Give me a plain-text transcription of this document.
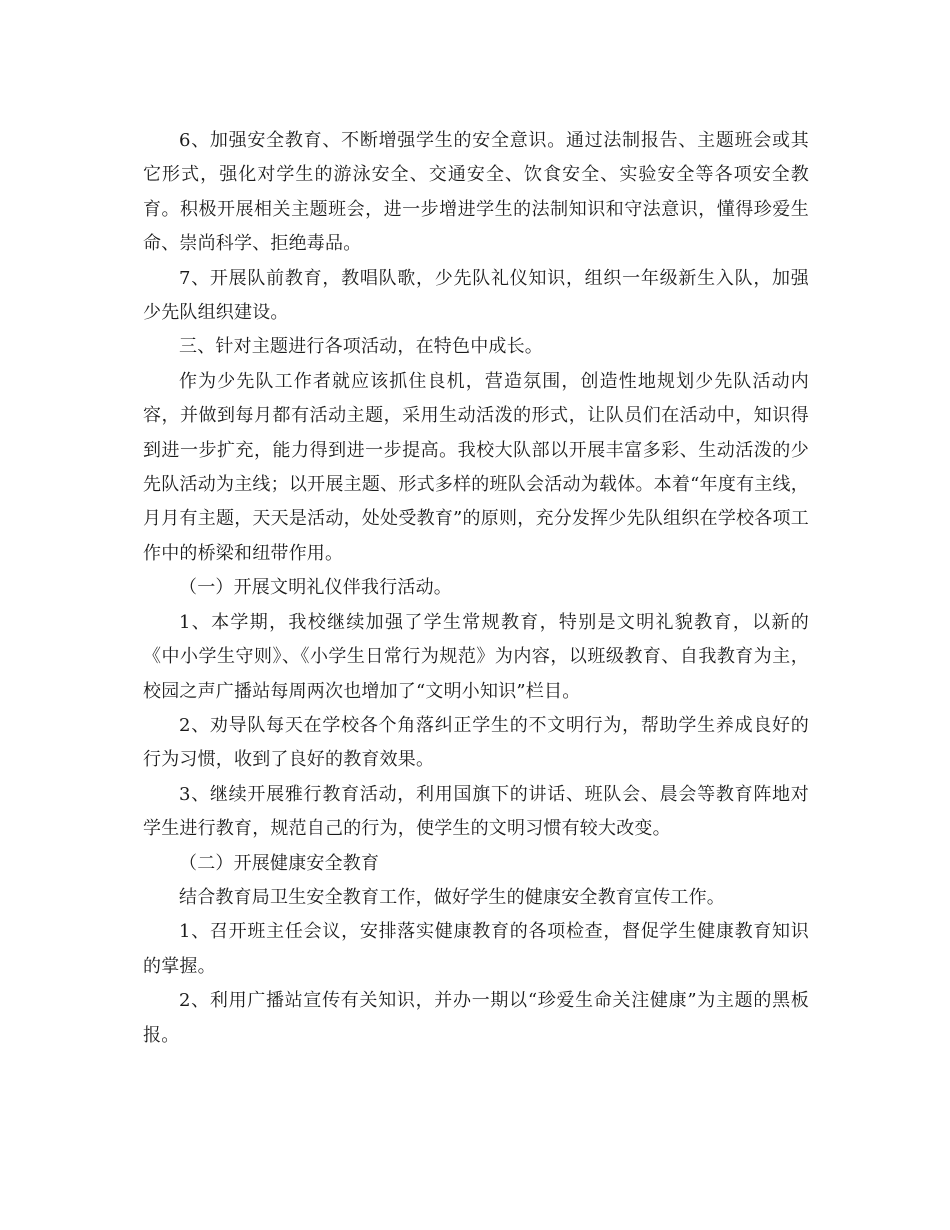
6、加强安全教育、不断增强学生的安全意识。通过法制报告、主题班会或其它形式，强化对学生的游泳安全、交通安全、饮食安全、实验安全等各项安全教育。积极开展相关主题班会，进一步增进学生的法制知识和守法意识，懂得珍爱生命、崇尚科学、拒绝毒品。

7、开展队前教育，教唱队歌，少先队礼仪知识，组织一年级新生入队，加强少先队组织建设。

三、针对主题进行各项活动，在特色中成长。

作为少先队工作者就应该抓住良机，营造氛围，创造性地规划少先队活动内容，并做到每月都有活动主题，采用生动活泼的形式，让队员们在活动中，知识得到进一步扩充，能力得到进一步提高。我校大队部以开展丰富多彩、生动活泼的少先队活动为主线；以开展主题、形式多样的班队会活动为载体。本着“年度有主线，月月有主题，天天是活动，处处受教育”的原则，充分发挥少先队组织在学校各项工作中的桥梁和纽带作用。

（一）开展文明礼仪伴我行活动。

1、本学期，我校继续加强了学生常规教育，特别是文明礼貌教育，以新的《中小学生守则》、《小学生日常行为规范》为内容，以班级教育、自我教育为主，校园之声广播站每周两次也增加了“文明小知识”栏目。

2、劝导队每天在学校各个角落纠正学生的不文明行为，帮助学生养成良好的行为习惯，收到了良好的教育效果。

3、继续开展雅行教育活动，利用国旗下的讲话、班队会、晨会等教育阵地对学生进行教育，规范自己的行为，使学生的文明习惯有较大改变。

（二）开展健康安全教育

结合教育局卫生安全教育工作，做好学生的健康安全教育宣传工作。

1、召开班主任会议，安排落实健康教育的各项检查，督促学生健康教育知识的掌握。

2、利用广播站宣传有关知识，并办一期以“珍爱生命关注健康”为主题的黑板报。
